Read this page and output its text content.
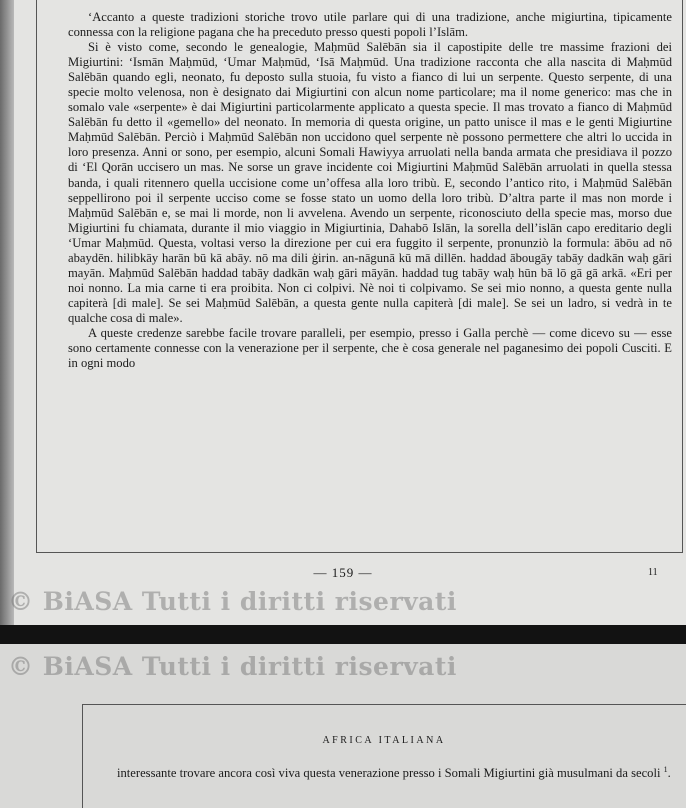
‘Accanto a queste tradizioni storiche trovo utile parlare qui di una tradizione, anche migiurtina, tipicamente connessa con la religione pagana che ha preceduto presso questi popoli l’Islām.

Si è visto come, secondo le genealogie, Maḥmūd Salēbān sia il capostipite delle tre massime frazioni dei Migiurtini: ‘Ismān Maḥmūd, ‘Umar Maḥmūd, ‘Isā Maḥmūd. Una tradizione racconta che alla nascita di Maḥmūd Salēbān quando egli, neonato, fu deposto sulla stuoia, fu visto a fianco di lui un serpente. Questo serpente, di una specie molto velenosa, non è designato dai Migiurtini con alcun nome particolare; ma il nome generico: mas che in somalo vale «serpente» è dai Migiurtini particolarmente applicato a questa specie. Il mas trovato a fianco di Maḥmūd Salēbān fu detto il «gemello» del neonato. In memoria di questa origine, un patto unisce il mas e le genti Migiurtine Maḥmūd Salēbān. Perciò i Maḥmūd Salēbān non uccidono quel serpente nè possono permettere che altri lo uccida in loro presenza. Anni or sono, per esempio, alcuni Somali Hawiyya arruolati nella banda armata che presidiava il pozzo di ‘El Qorān uccisero un mas. Ne sorse un grave incidente coi Migiurtini Maḥmūd Salēbān arruolati in quella stessa banda, i quali ritennero quella uccisione come un’offesa alla loro tribù. E, secondo l’antico rito, i Maḥmūd Salēbān seppellirono poi il serpente ucciso come se fosse stato un uomo della loro tribù. D’altra parte il mas non morde i Maḥmūd Salēbān e, se mai li morde, non li avvelena. Avendo un serpente, riconosciuto della specie mas, morso due Migiurtini fu chiamata, durante il mio viaggio in Migiurtinia, Dahabō Islān, la sorella dell’islān capo ereditario degli ‘Umar Maḥmūd. Questa, voltasi verso la direzione per cui era fuggito il serpente, pronunziò la formula: ābōu ad nō abaydēn. hilibkāy harān bū kā abāy. nō ma dili ġirin. an-nāgunā kū mā dillēn. haddad ābougāy tabāy dadkān waḥ gāri mayān. Maḥmūd Salēbān haddad tabāy dadkān waḥ gāri māyān. haddad tug tabāy waḥ hūn bā lō gā gā arkā. «Eri per noi nonno. La mia carne ti era proibita. Non ci colpivi. Nè noi ti colpivamo. Se sei mio nonno, a questa gente nulla capiterà [di male]. Se sei Maḥmūd Salēbān, a questa gente nulla capiterà [di male]. Se sei un ladro, si vedrà in te qualche cosa di male».

A queste credenze sarebbe facile trovare paralleli, per esempio, presso i Galla perchè — come dicevo su — esse sono certamente connesse con la venerazione per il serpente, che è cosa generale nel paganesimo dei popoli Cusciti. E in ogni modo

— 159 —	11
© BiASA Tutti i diritti riservati
© BiASA Tutti i diritti riservati
AFRICA ITALIANA

interessante trovare ancora così viva questa venerazione presso i Somali Migiurtini già musulmani da secoli $^1$.
